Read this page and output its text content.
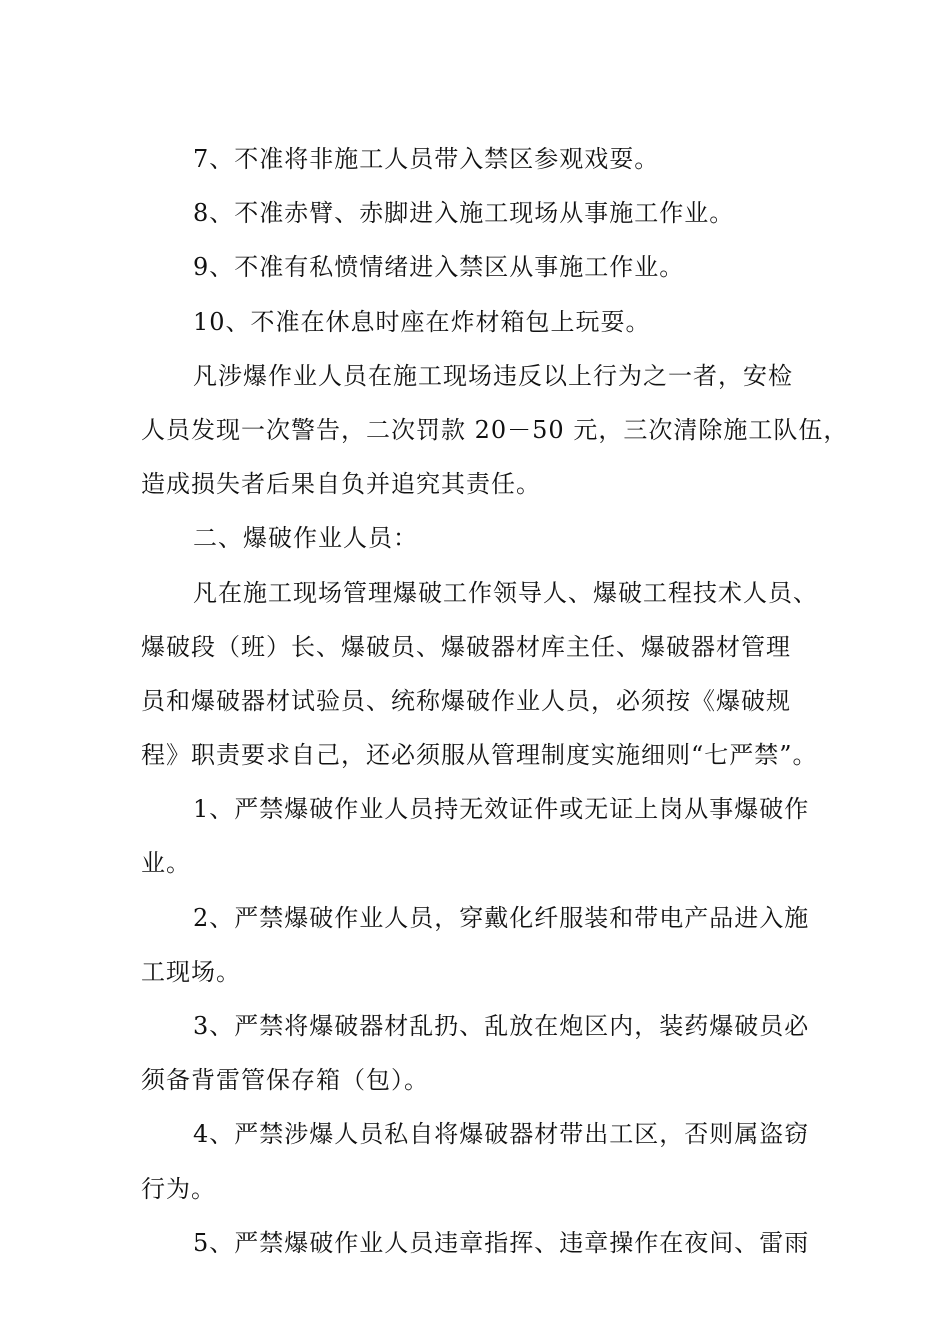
7、不准将非施工人员带入禁区参观戏耍。
8、不准赤臂、赤脚进入施工现场从事施工作业。
9、不准有私愤情绪进入禁区从事施工作业。
10、不准在休息时座在炸材箱包上玩耍。
凡涉爆作业人员在施工现场违反以上行为之一者，安检
人员发现一次警告，二次罚款 20－50 元，三次清除施工队伍，
造成损失者后果自负并追究其责任。
二、爆破作业人员：
凡在施工现场管理爆破工作领导人、爆破工程技术人员、
爆破段（班）长、爆破员、爆破器材库主任、爆破器材管理
员和爆破器材试验员、统称爆破作业人员，必须按《爆破规
程》职责要求自己，还必须服从管理制度实施细则“七严禁”。
1、严禁爆破作业人员持无效证件或无证上岗从事爆破作
业。
2、严禁爆破作业人员，穿戴化纤服装和带电产品进入施
工现场。
3、严禁将爆破器材乱扔、乱放在炮区内，装药爆破员必
须备背雷管保存箱（包）。
4、严禁涉爆人员私自将爆破器材带出工区，否则属盗窃
行为。
5、严禁爆破作业人员违章指挥、违章操作在夜间、雷雨
